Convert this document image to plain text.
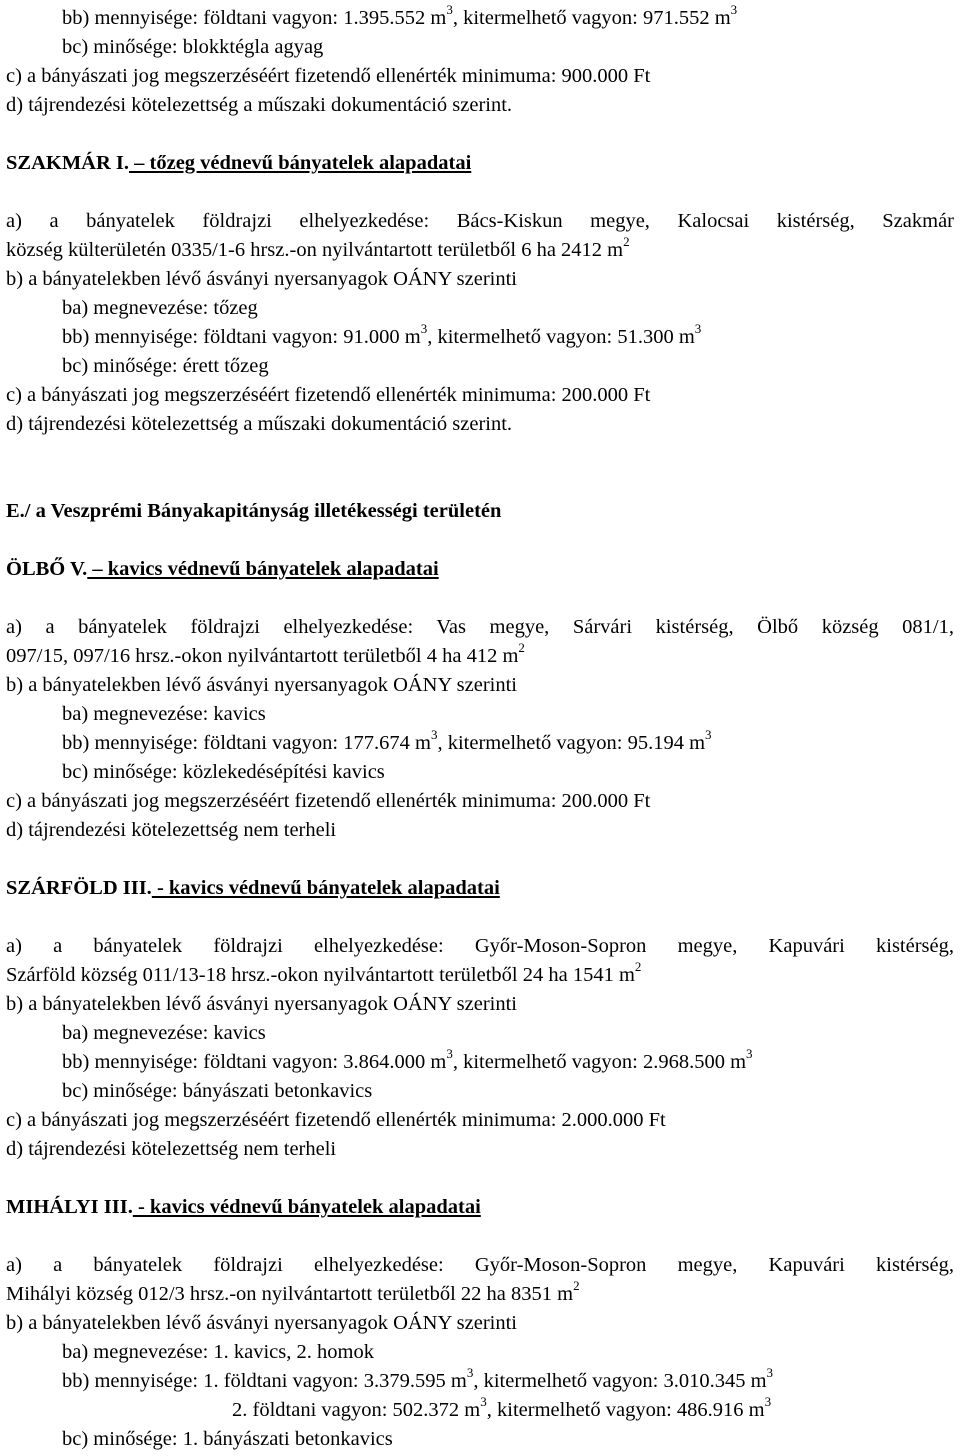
bb) mennyisége: földtani vagyon: 1.395.552 $m^3$, kitermelhető vagyon: 971.552 $m^3$
bc) minősége: blokktégla agyag
c) a bányászati jog megszerzéséért fizetendő ellenérték minimuma: 900.000 Ft
d) tájrendezési kötelezettség a műszaki dokumentáció szerint.
SZAKMÁR I. – tőzeg védnevű bányatelek alapadatai
a) a bányatelek földrajzi elhelyezkedése: Bács-Kiskun megye, Kalocsai kistérség, Szakmár
község külterületén 0335/1-6 hrsz.-on nyilvántartott területből 6 ha 2412 $m^2$
b) a bányatelekben lévő ásványi nyersanyagok OÁNY szerinti
ba) megnevezése: tőzeg
bb) mennyisége: földtani vagyon: 91.000 $m^3$, kitermelhető vagyon: 51.300 $m^3$
bc) minősége: érett tőzeg
c) a bányászati jog megszerzéséért fizetendő ellenérték minimuma: 200.000 Ft
d) tájrendezési kötelezettség a műszaki dokumentáció szerint.
E./ a Veszprémi Bányakapitányság illetékességi területén
ÖLBŐ V. – kavics védnevű bányatelek alapadatai
a) a bányatelek földrajzi elhelyezkedése: Vas megye, Sárvári kistérség, Ölbő község 081/1,
097/15, 097/16 hrsz.-okon nyilvántartott területből 4 ha 412 $m^2$
b) a bányatelekben lévő ásványi nyersanyagok OÁNY szerinti
ba) megnevezése: kavics
bb) mennyisége: földtani vagyon: 177.674 $m^3$, kitermelhető vagyon: 95.194 $m^3$
bc) minősége: közlekedésépítési kavics
c) a bányászati jog megszerzéséért fizetendő ellenérték minimuma: 200.000 Ft
d) tájrendezési kötelezettség nem terheli
SZÁRFÖLD III. - kavics védnevű bányatelek alapadatai
a) a bányatelek földrajzi elhelyezkedése: Győr-Moson-Sopron megye, Kapuvári kistérség,
Szárföld község 011/13-18 hrsz.-okon nyilvántartott területből 24 ha 1541 $m^2$
b) a bányatelekben lévő ásványi nyersanyagok OÁNY szerinti
ba) megnevezése: kavics
bb) mennyisége: földtani vagyon: 3.864.000 $m^3$, kitermelhető vagyon: 2.968.500 $m^3$
bc) minősége: bányászati betonkavics
c) a bányászati jog megszerzéséért fizetendő ellenérték minimuma: 2.000.000 Ft
d) tájrendezési kötelezettség nem terheli
MIHÁLYI III. - kavics védnevű bányatelek alapadatai
a) a bányatelek földrajzi elhelyezkedése: Győr-Moson-Sopron megye, Kapuvári kistérség,
Mihályi község 012/3 hrsz.-on nyilvántartott területből 22 ha 8351 $m^2$
b) a bányatelekben lévő ásványi nyersanyagok OÁNY szerinti
ba) megnevezése: 1. kavics, 2. homok
bb) mennyisége: 1. földtani vagyon: 3.379.595 $m^3$, kitermelhető vagyon: 3.010.345 $m^3$
2. földtani vagyon: 502.372 $m^3$, kitermelhető vagyon: 486.916 $m^3$
bc) minősége: 1. bányászati betonkavics
